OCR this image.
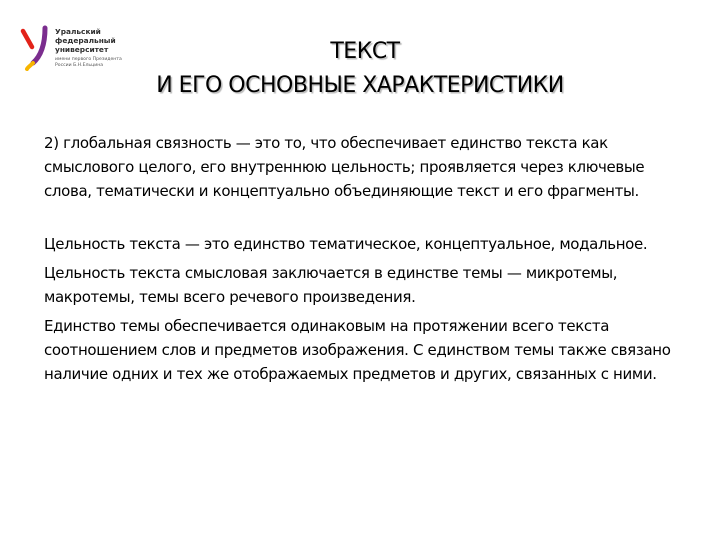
Уральский
федеральный
университет
имени первого Президента
России Б.Н.Ельцина
ТЕКСТ
И ЕГО ОСНОВНЫЕ ХАРАКТЕРИСТИКИ

2) глобальная связность — это то, что обеспечивает единство текста как смыслового целого, его внутреннюю цельность; проявляется через ключевые слова, тематически и концептуально объединяющие текст и его фрагменты.

Цельность текста — это единство тематическое, концептуальное, модальное.

Цельность текста смысловая заключается в единстве темы — микротемы, макротемы, темы всего речевого произведения.

Единство темы обеспечивается одинаковым на протяжении всего текста соотношением слов и предметов изображения. С единством темы также связано наличие одних и тех же отображаемых предметов и других, связанных с ними.
